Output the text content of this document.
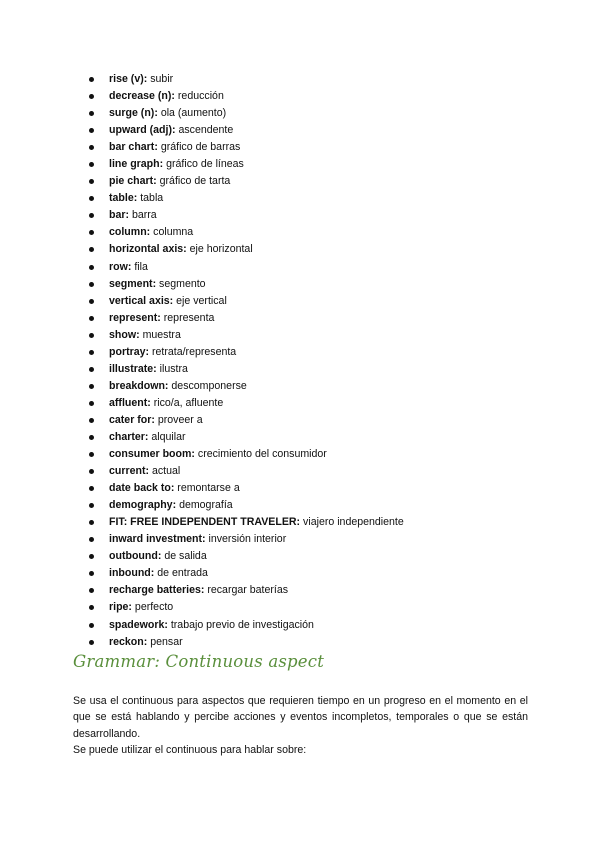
rise (v): subir
decrease (n): reducción
surge (n): ola (aumento)
upward (adj): ascendente
bar chart: gráfico de barras
line graph: gráfico de líneas
pie chart: gráfico de tarta
table: tabla
bar: barra
column: columna
horizontal axis: eje horizontal
row: fila
segment: segmento
vertical axis: eje vertical
represent: representa
show: muestra
portray: retrata/representa
illustrate: ilustra
breakdown: descomponerse
affluent: rico/a, afluente
cater for: proveer a
charter: alquilar
consumer boom: crecimiento del consumidor
current: actual
date back to: remontarse a
demography: demografía
FIT: FREE INDEPENDENT TRAVELER: viajero independiente
inward investment: inversión interior
outbound: de salida
inbound: de entrada
recharge batteries: recargar baterías
ripe: perfecto
spadework: trabajo previo de investigación
reckon: pensar
Grammar: Continuous aspect

Se usa el continuous para aspectos que requieren tiempo en un progreso en el momento en el que se está hablando y percibe acciones y eventos incompletos, temporales o que se están desarrollando.

Se puede utilizar el continuous para hablar sobre:
